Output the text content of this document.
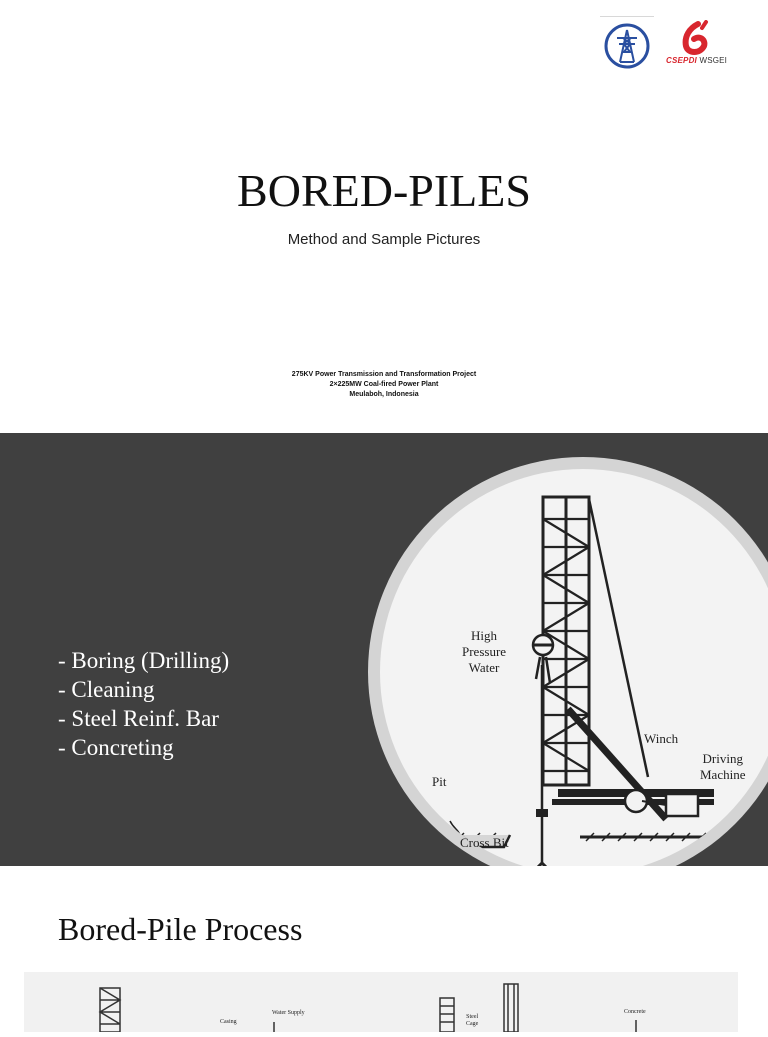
CSEPDI WSGEI
BORED-PILES
Method and Sample Pictures
275KV Power Transmission and Transformation Project
2×225MW Coal-fired Power Plant
Meulaboh, Indonesia
- Boring (Drilling)
- Cleaning
- Steel Reinf. Bar
- Concreting
High
Pressure
Water
Winch
Driving
Machine
Pit
Cross Bit
Bored-Pile Process
Casing
Water Supply
Steel
Cage
Concrete
